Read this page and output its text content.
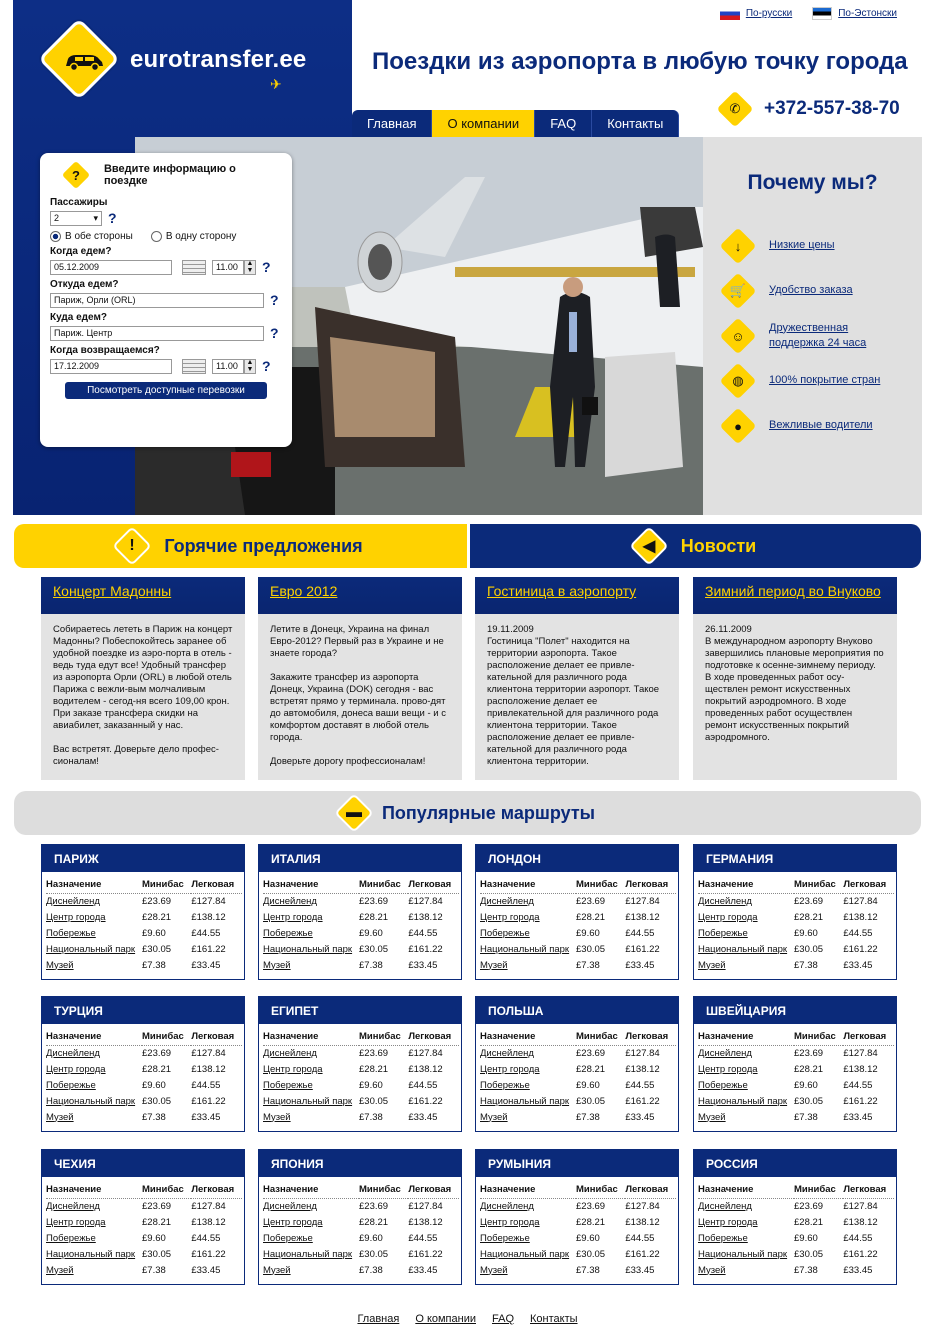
eurotransfer.ee
✈
По-русски	По-Эстонски
Поездки из аэропорта в любую точку города
✆	+372-557-38-70
Главная	О компании	FAQ	Контакты
Почему мы?
↓	Низкие цены
🛒	Удобство заказа
☺
Дружественная поддержка 24 часа
◍	100% покрытие стран
●	Вежливые водители
?	Введите информацию о поездке
Пассажиры
2	▾ ?
В обе стороны	В одну сторону
Когда едем?
05.12.2009	11.00	▲
▼ ?
Откуда едем?
Париж, Орли (ORL)	?
Куда едем?
Париж. Центр	?
Когда возвращаемся?
17.12.2009	11.00	▲
▼ ?
Посмотреть доступные перевозки
!	Горячие предложения	◀	Новости
Концерт Мадонны
Собираетесь лететь в Париж на концерт Мадонны? Побеспокойтесь заранее об удобной поездке из аэро-порта в отель - ведь туда едут все! Удобный трансфер из аэропорта Орли (ORL) в любой отель Парижа с вежли-вым молчаливым водителем - сегод-ня всего 109,00 крон. При заказе трансфера скидки на авиабилет, заказанный у нас.

Вас встретят. Доверьте дело профес-сионалам!
Евро 2012
Летите в Донецк, Украина на финал Евро-2012? Первый раз в Украине и не знаете города?

Закажите трансфер из аэропорта Донецк, Украина (DOK) сегодня - вас встретят прямо у терминала. прово-дят до автомобиля, донеса ваши вещи - и с комфортом доставят в любой отель города.

Доверьте дорогу профессионалам!
Гостиница в аэропорту
19.11.2009
Гостиница "Полет" находится на территории аэропорта. Такое расположение делает ее привле-кательной для различного рода клиентона территории аэропорт. Такое расположение делает ее привлекательной для различного рода клиентона территории. Такое расположение делает ее привле-кательной для различного рода клиентона территории.
Зимний период во Внуково
26.11.2009
В международном аэропорту Внуково завершились плановые мероприятия по подготовке к осенне-зимнему периоду.
В ходе проведенных работ осу-ществлен ремонт искусственных покрытий аэродромного. В ходе проведенных работ осуществлен ремонт искусственных покрытий аэродромного.
▬ Популярные маршруты
ПАРИЖ
Назначение	Минибас	Легковая
Диснейленд	£23.69	£127.84
Центр города	£28.21	£138.12
Побережье	£9.60	£44.55
Национальный парк	£30.05	£161.22
Музей	£7.38	£33.45
ИТАЛИЯ
Назначение	Минибас	Легковая
Диснейленд	£23.69	£127.84
Центр города	£28.21	£138.12
Побережье	£9.60	£44.55
Национальный парк	£30.05	£161.22
Музей	£7.38	£33.45
ЛОНДОН
Назначение	Минибас	Легковая
Диснейленд	£23.69	£127.84
Центр города	£28.21	£138.12
Побережье	£9.60	£44.55
Национальный парк	£30.05	£161.22
Музей	£7.38	£33.45
ГЕРМАНИЯ
Назначение	Минибас	Легковая
Диснейленд	£23.69	£127.84
Центр города	£28.21	£138.12
Побережье	£9.60	£44.55
Национальный парк	£30.05	£161.22
Музей	£7.38	£33.45
ТУРЦИЯ
Назначение	Минибас	Легковая
Диснейленд	£23.69	£127.84
Центр города	£28.21	£138.12
Побережье	£9.60	£44.55
Национальный парк	£30.05	£161.22
Музей	£7.38	£33.45
ЕГИПЕТ
Назначение	Минибас	Легковая
Диснейленд	£23.69	£127.84
Центр города	£28.21	£138.12
Побережье	£9.60	£44.55
Национальный парк	£30.05	£161.22
Музей	£7.38	£33.45
ПОЛЬША
Назначение	Минибас	Легковая
Диснейленд	£23.69	£127.84
Центр города	£28.21	£138.12
Побережье	£9.60	£44.55
Национальный парк	£30.05	£161.22
Музей	£7.38	£33.45
ШВЕЙЦАРИЯ
Назначение	Минибас	Легковая
Диснейленд	£23.69	£127.84
Центр города	£28.21	£138.12
Побережье	£9.60	£44.55
Национальный парк	£30.05	£161.22
Музей	£7.38	£33.45
ЧЕХИЯ
Назначение	Минибас	Легковая
Диснейленд	£23.69	£127.84
Центр города	£28.21	£138.12
Побережье	£9.60	£44.55
Национальный парк	£30.05	£161.22
Музей	£7.38	£33.45
ЯПОНИЯ
Назначение	Минибас	Легковая
Диснейленд	£23.69	£127.84
Центр города	£28.21	£138.12
Побережье	£9.60	£44.55
Национальный парк	£30.05	£161.22
Музей	£7.38	£33.45
РУМЫНИЯ
Назначение	Минибас	Легковая
Диснейленд	£23.69	£127.84
Центр города	£28.21	£138.12
Побережье	£9.60	£44.55
Национальный парк	£30.05	£161.22
Музей	£7.38	£33.45
РОССИЯ
Назначение	Минибас	Легковая
Диснейленд	£23.69	£127.84
Центр города	£28.21	£138.12
Побережье	£9.60	£44.55
Национальный парк	£30.05	£161.22
Музей	£7.38	£33.45
Главная О компании FAQ Контакты
